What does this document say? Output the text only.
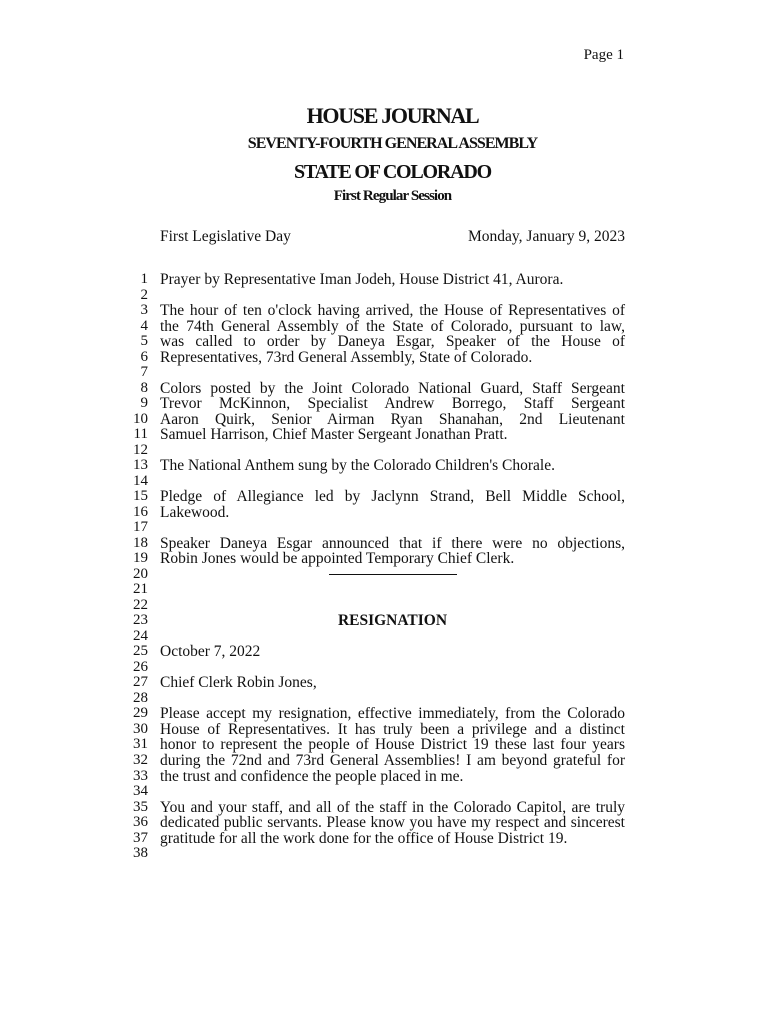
Page 1
HOUSE JOURNAL
SEVENTY-FOURTH GENERAL ASSEMBLY
STATE OF COLORADO
First Regular Session
First Legislative Day	Monday, January 9, 2023
1 Prayer by Representative Iman Jodeh, House District 41, Aurora.
2
3 The hour of ten o'clock having arrived, the House of Representatives of
4 the 74th General Assembly of the State of Colorado, pursuant to law,
5 was called to order by Daneya Esgar, Speaker of the House of
6 Representatives, 73rd General Assembly, State of Colorado.
7
8 Colors posted by the Joint Colorado National Guard, Staff Sergeant
9 Trevor McKinnon, Specialist Andrew Borrego, Staff Sergeant
10 Aaron Quirk, Senior Airman Ryan Shanahan, 2nd Lieutenant
11 Samuel Harrison, Chief Master Sergeant Jonathan Pratt.
12
13 The National Anthem sung by the Colorado Children's Chorale.
14
15 Pledge of Allegiance led by Jaclynn Strand, Bell Middle School,
16 Lakewood.
17
18 Speaker Daneya Esgar announced that if there were no objections,
19 Robin Jones would be appointed Temporary Chief Clerk.
20
21
22
23	RESIGNATION
24
25 October 7, 2022
26
27 Chief Clerk Robin Jones,
28
29 Please accept my resignation, effective immediately, from the Colorado
30 House of Representatives. It has truly been a privilege and a distinct
31 honor to represent the people of House District 19 these last four years
32 during the 72nd and 73rd General Assemblies! I am beyond grateful for
33 the trust and confidence the people placed in me.
34
35 You and your staff, and all of the staff in the Colorado Capitol, are truly
36 dedicated public servants. Please know you have my respect and sincerest
37 gratitude for all the work done for the office of House District 19.
38
